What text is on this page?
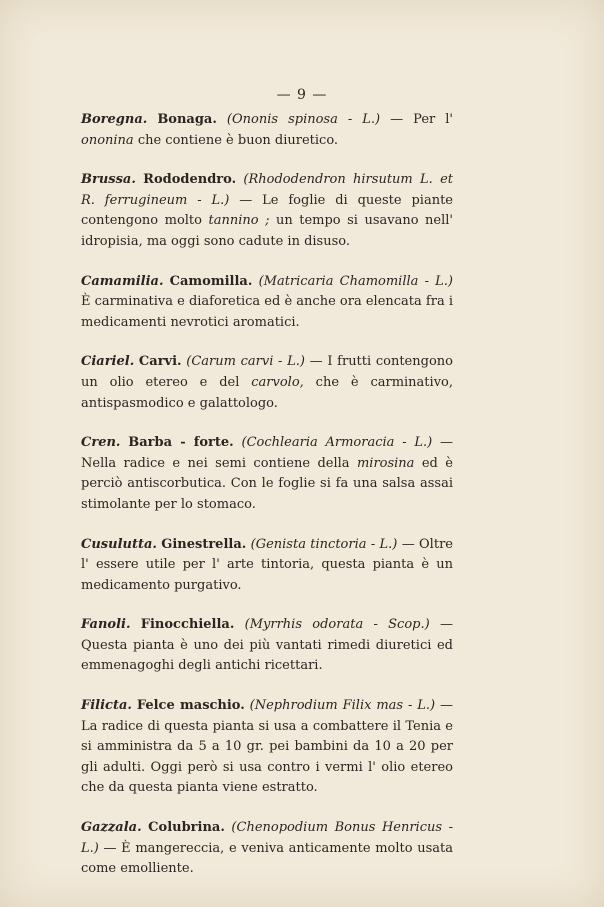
— 9 —

Boregna. Bonaga. (Ononis spinosa - L.) — Per l' ononina che contiene è buon diuretico.

Brussa. Rododendro. (Rhododendron hirsutum L. et R. ferrugineum - L.) — Le foglie di queste piante contengono molto tannino ; un tempo si usavano nell' idropisia, ma oggi sono cadute in disuso.

Camamilia. Camomilla. (Matricaria Chamomilla - L.) È carminativa e diaforetica ed è anche ora elencata fra i medicamenti nevrotici aromatici.

Ciariel. Carvi. (Carum carvi - L.) — I frutti contengono un olio etereo e del carvolo, che è carminativo, antispasmodico e galattologo.

Cren. Barba - forte. (Cochlearia Armoracia - L.) — Nella radice e nei semi contiene della mirosina ed è perciò antiscorbutica. Con le foglie si fa una salsa assai stimolante per lo stomaco.

Cusulutta. Ginestrella. (Genista tinctoria - L.) — Oltre l' essere utile per l' arte tintoria, questa pianta è un medicamento purgativo.

Fanoli. Finocchiella. (Myrrhis odorata - Scop.) — Questa pianta è uno dei più vantati rimedi diuretici ed emmenagoghi degli antichi ricettari.

Filicta. Felce maschio. (Nephrodium Filix mas - L.) — La radice di questa pianta si usa a combattere il Tenia e si amministra da 5 a 10 gr. pei bambini da 10 a 20 per gli adulti. Oggi però si usa contro i vermi l' olio etereo che da questa pianta viene estratto.

Gazzala. Colubrina. (Chenopodium Bonus Henricus - L.) — È mangereccia, e veniva anticamente molto usata come emolliente.
